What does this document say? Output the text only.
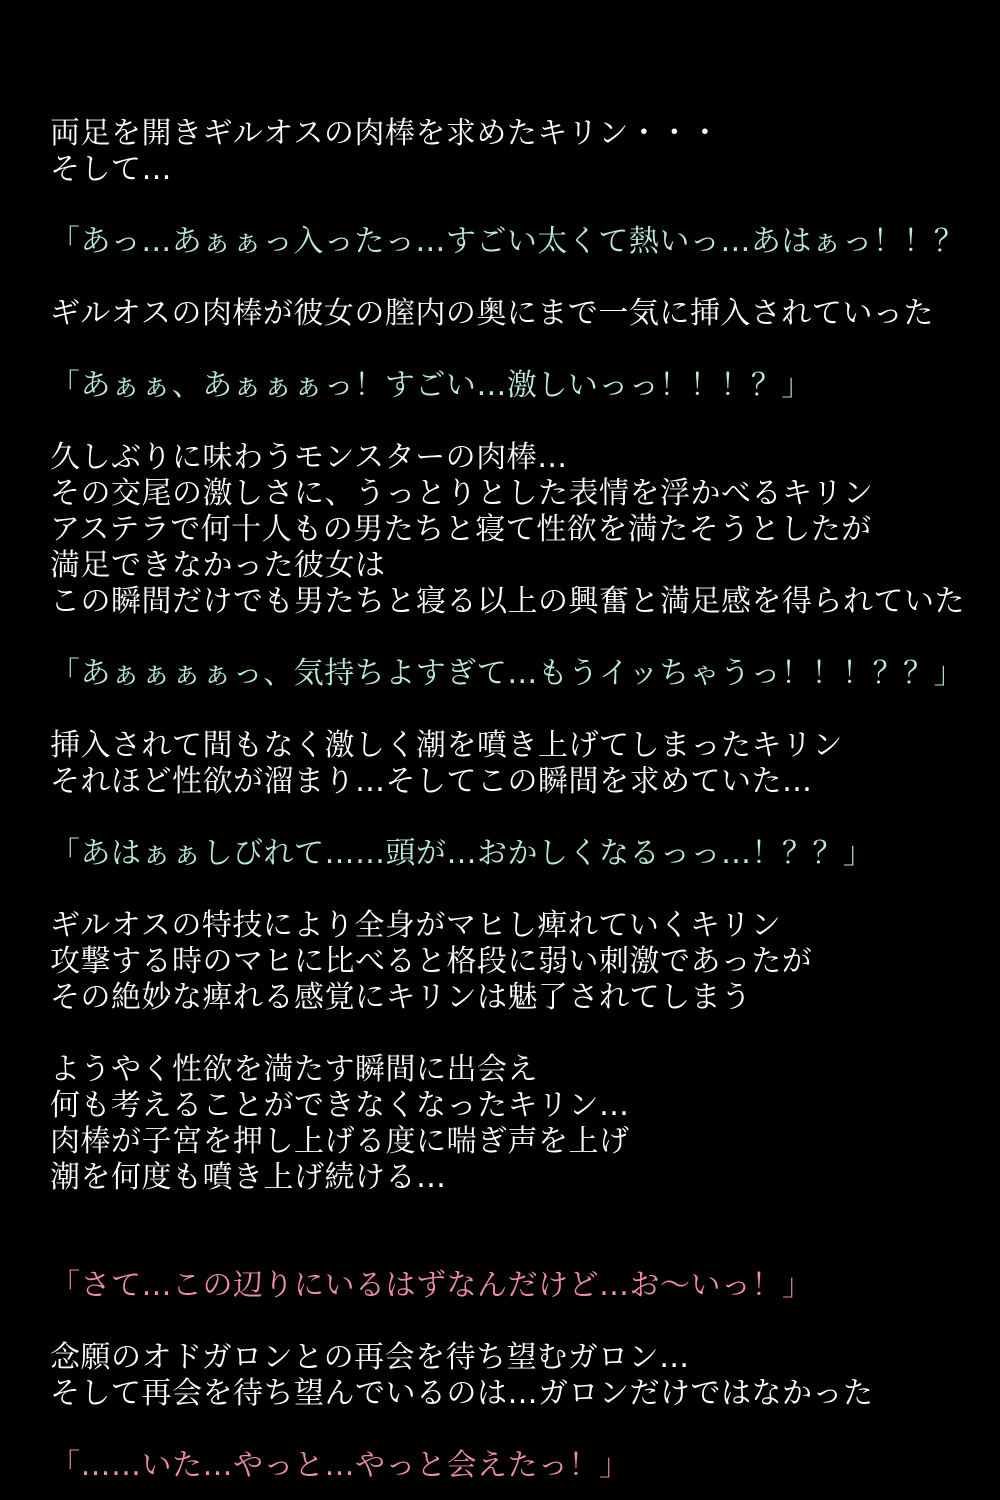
両足を開きギルオスの肉棒を求めたキリン・・・

そして…

「あっ…あぁぁっ入ったっ…すごい太くて熱いっ…あはぁっ！！？

ギルオスの肉棒が彼女の膣内の奥にまで一気に挿入されていった

「あぁぁ、あぁぁぁっ！すごい…激しいっっ！！！？」

久しぶりに味わうモンスターの肉棒…

その交尾の激しさに、うっとりとした表情を浮かべるキリン

アステラで何十人もの男たちと寝て性欲を満たそうとしたが

満足できなかった彼女は

この瞬間だけでも男たちと寝る以上の興奮と満足感を得られていた

「あぁぁぁぁっ、気持ちよすぎて…もうイッちゃうっ！！！？？」

挿入されて間もなく激しく潮を噴き上げてしまったキリン

それほど性欲が溜まり…そしてこの瞬間を求めていた…

「あはぁぁしびれて……頭が…おかしくなるっっ…！？？」

ギルオスの特技により全身がマヒし痺れていくキリン

攻撃する時のマヒに比べると格段に弱い刺激であったが

その絶妙な痺れる感覚にキリンは魅了されてしまう

ようやく性欲を満たす瞬間に出会え

何も考えることができなくなったキリン…

肉棒が子宮を押し上げる度に喘ぎ声を上げ

潮を何度も噴き上げ続ける…

「さて…この辺りにいるはずなんだけど…お〜いっ！」

念願のオドガロンとの再会を待ち望むガロン…

そして再会を待ち望んでいるのは…ガロンだけではなかった

「……いた…やっと…やっと会えたっ！」
